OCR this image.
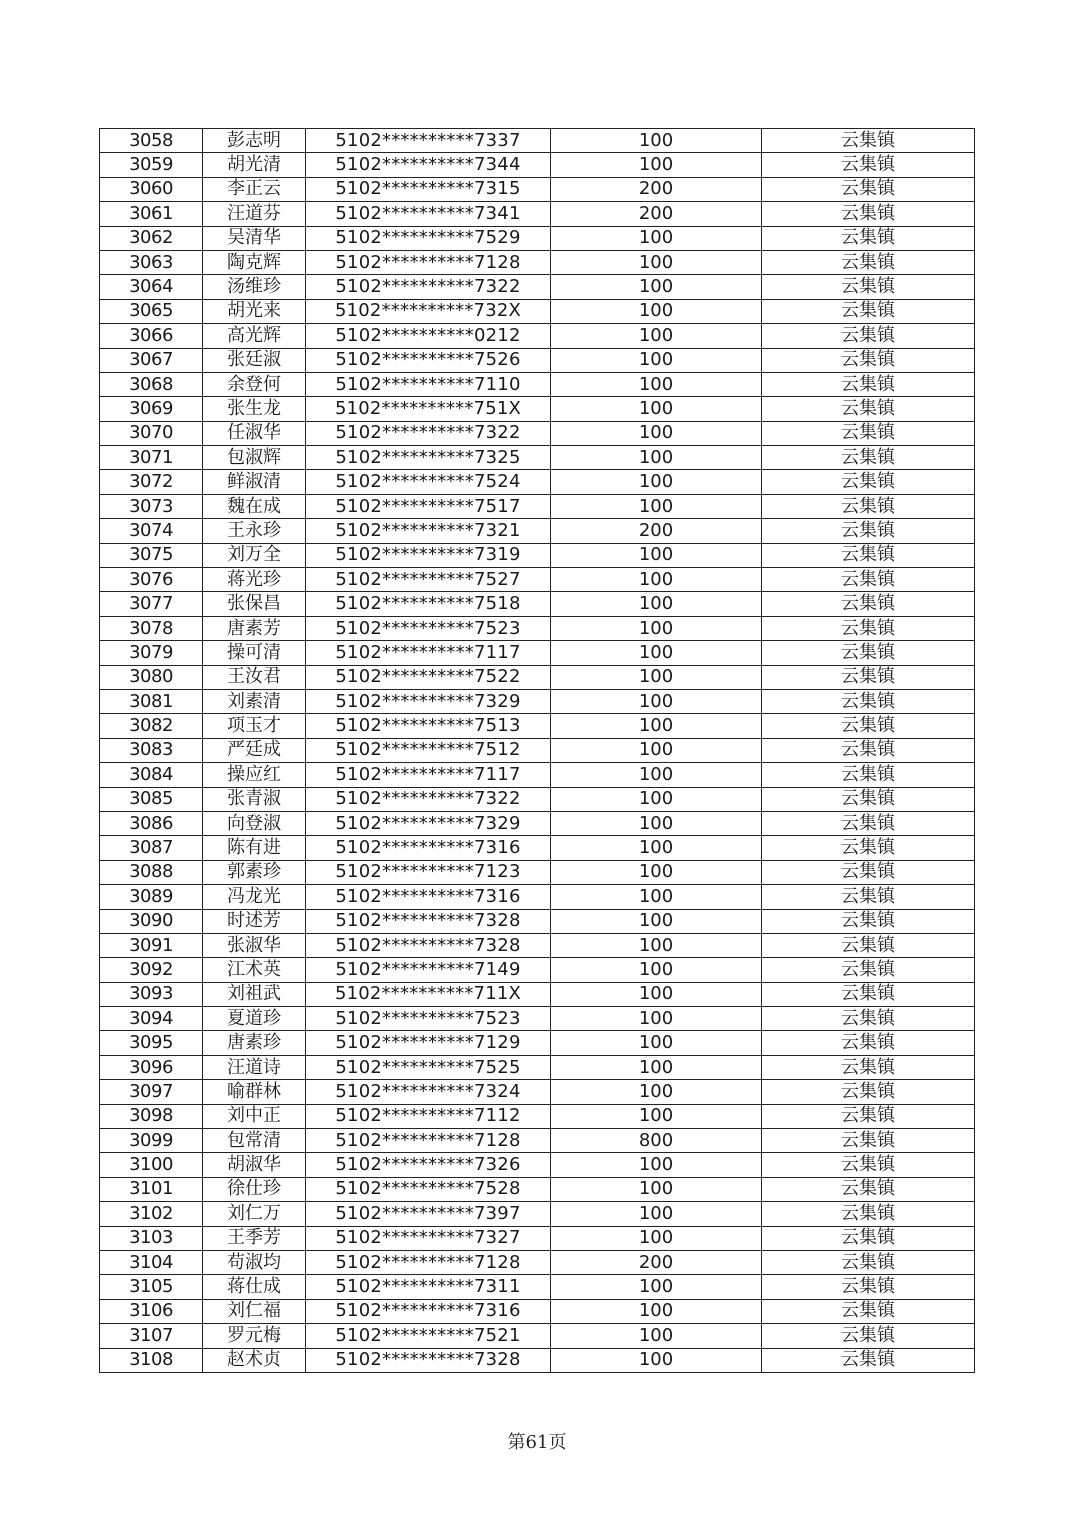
3058	彭志明	5102**********7337	100	云集镇
3059	胡光清	5102**********7344	100	云集镇
3060	李正云	5102**********7315	200	云集镇
3061	汪道芬	5102**********7341	200	云集镇
3062	吴清华	5102**********7529	100	云集镇
3063	陶克辉	5102**********7128	100	云集镇
3064	汤维珍	5102**********7322	100	云集镇
3065	胡光来	5102**********732X	100	云集镇
3066	高光辉	5102**********0212	100	云集镇
3067	张廷淑	5102**********7526	100	云集镇
3068	余登何	5102**********7110	100	云集镇
3069	张生龙	5102**********751X	100	云集镇
3070	任淑华	5102**********7322	100	云集镇
3071	包淑辉	5102**********7325	100	云集镇
3072	鲜淑清	5102**********7524	100	云集镇
3073	魏在成	5102**********7517	100	云集镇
3074	王永珍	5102**********7321	200	云集镇
3075	刘万全	5102**********7319	100	云集镇
3076	蒋光珍	5102**********7527	100	云集镇
3077	张保昌	5102**********7518	100	云集镇
3078	唐素芳	5102**********7523	100	云集镇
3079	操可清	5102**********7117	100	云集镇
3080	王汝君	5102**********7522	100	云集镇
3081	刘素清	5102**********7329	100	云集镇
3082	项玉才	5102**********7513	100	云集镇
3083	严廷成	5102**********7512	100	云集镇
3084	操应红	5102**********7117	100	云集镇
3085	张青淑	5102**********7322	100	云集镇
3086	向登淑	5102**********7329	100	云集镇
3087	陈有进	5102**********7316	100	云集镇
3088	郭素珍	5102**********7123	100	云集镇
3089	冯龙光	5102**********7316	100	云集镇
3090	时述芳	5102**********7328	100	云集镇
3091	张淑华	5102**********7328	100	云集镇
3092	江术英	5102**********7149	100	云集镇
3093	刘祖武	5102**********711X	100	云集镇
3094	夏道珍	5102**********7523	100	云集镇
3095	唐素珍	5102**********7129	100	云集镇
3096	汪道诗	5102**********7525	100	云集镇
3097	喻群林	5102**********7324	100	云集镇
3098	刘中正	5102**********7112	100	云集镇
3099	包常清	5102**********7128	800	云集镇
3100	胡淑华	5102**********7326	100	云集镇
3101	徐仕珍	5102**********7528	100	云集镇
3102	刘仁万	5102**********7397	100	云集镇
3103	王季芳	5102**********7327	100	云集镇
3104	苟淑均	5102**********7128	200	云集镇
3105	蒋仕成	5102**********7311	100	云集镇
3106	刘仁福	5102**********7316	100	云集镇
3107	罗元梅	5102**********7521	100	云集镇
3108	赵术贞	5102**********7328	100	云集镇
第61页
